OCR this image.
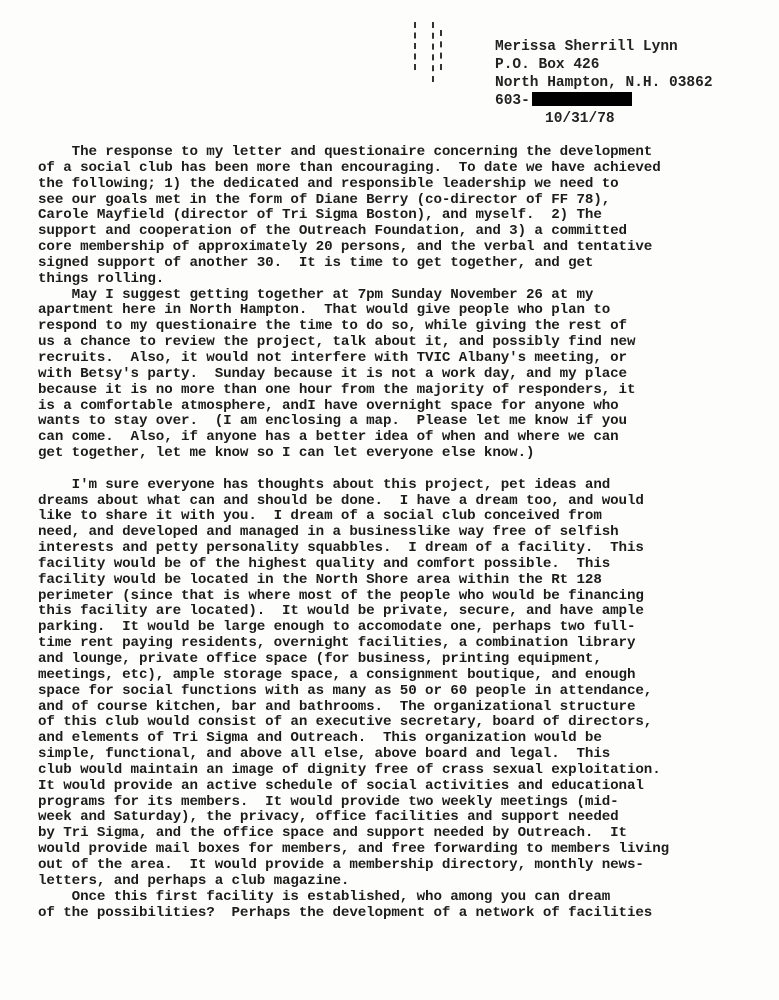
Merissa Sherrill Lynn
P.O. Box 426
North Hampton, N.H. 03862
603-
10/31/78
The response to my letter and questionaire concerning the development
of a social club has been more than encouraging.  To date we have achieved
the following; 1) the dedicated and responsible leadership we need to
see our goals met in the form of Diane Berry (co-director of FF 78),
Carole Mayfield (director of Tri Sigma Boston), and myself.  2) The
support and cooperation of the Outreach Foundation, and 3) a committed
core membership of approximately 20 persons, and the verbal and tentative
signed support of another 30.  It is time to get together, and get
things rolling.
May I suggest getting together at 7pm Sunday November 26 at my
apartment here in North Hampton.  That would give people who plan to
respond to my questionaire the time to do so, while giving the rest of
us a chance to review the project, talk about it, and possibly find new
recruits.  Also, it would not interfere with TVIC Albany's meeting, or
with Betsy's party.  Sunday because it is not a work day, and my place
because it is no more than one hour from the majority of responders, it
is a comfortable atmosphere, andI have overnight space for anyone who
wants to stay over.  (I am enclosing a map.  Please let me know if you
can come.  Also, if anyone has a better idea of when and where we can
get together, let me know so I can let everyone else know.)
I'm sure everyone has thoughts about this project, pet ideas and
dreams about what can and should be done.  I have a dream too, and would
like to share it with you.  I dream of a social club conceived from
need, and developed and managed in a businesslike way free of selfish
interests and petty personality squabbles.  I dream of a facility.  This
facility would be of the highest quality and comfort possible.  This
facility would be located in the North Shore area within the Rt 128
perimeter (since that is where most of the people who would be financing
this facility are located).  It would be private, secure, and have ample
parking.  It would be large enough to accomodate one, perhaps two full-
time rent paying residents, overnight facilities, a combination library
and lounge, private office space (for business, printing equipment,
meetings, etc), ample storage space, a consignment boutique, and enough
space for social functions with as many as 50 or 60 people in attendance,
and of course kitchen, bar and bathrooms.  The organizational structure
of this club would consist of an executive secretary, board of directors,
and elements of Tri Sigma and Outreach.  This organization would be
simple, functional, and above all else, above board and legal.  This
club would maintain an image of dignity free of crass sexual exploitation.
It would provide an active schedule of social activities and educational
programs for its members.  It would provide two weekly meetings (mid-
week and Saturday), the privacy, office facilities and support needed
by Tri Sigma, and the office space and support needed by Outreach.  It
would provide mail boxes for members, and free forwarding to members living
out of the area.  It would provide a membership directory, monthly news-
letters, and perhaps a club magazine.
Once this first facility is established, who among you can dream
of the possibilities?  Perhaps the development of a network of facilities
